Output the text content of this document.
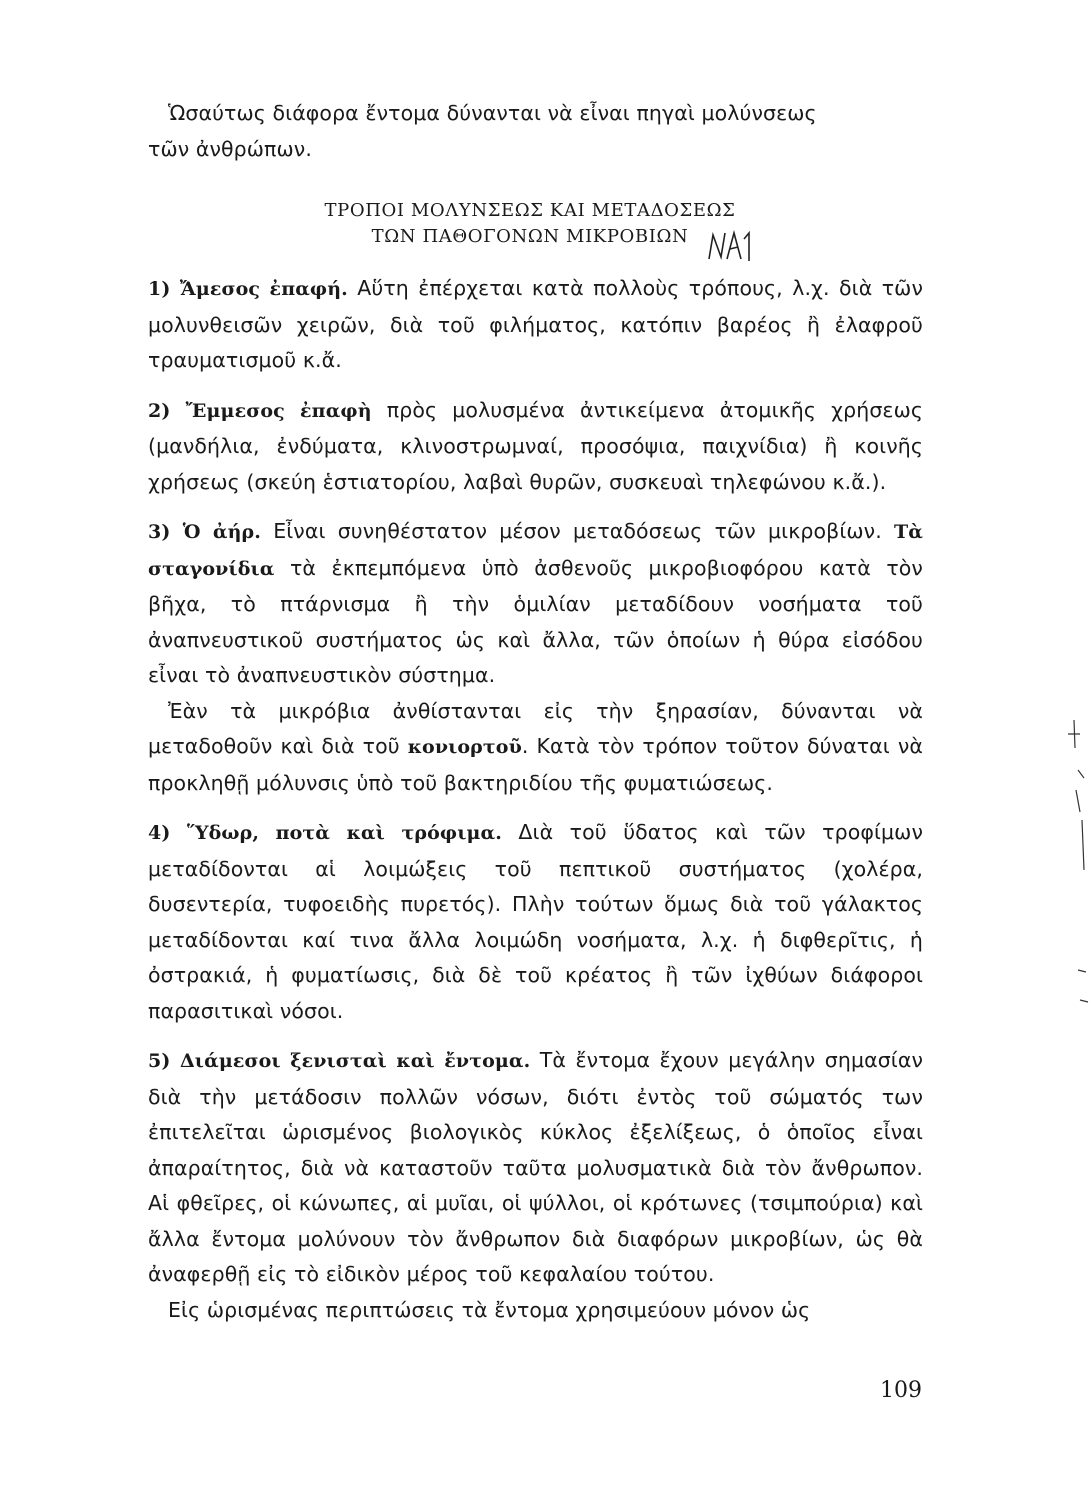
Ὡσαύτως διάφορα ἔντομα δύνανται νὰ εἶναι πηγαὶ μολύνσεως

τῶν ἀνθρώπων.

ΤΡΟΠΟΙ ΜΟΛΥΝΣΕΩΣ ΚΑΙ ΜΕΤΑΔΟΣΕΩΣ
ΤΩΝ ΠΑΘΟΓΟΝΩΝ ΜΙΚΡΟΒΙΩΝ

1) Ἄμεσος ἐπαφή. Αὕτη ἐπέρχεται κατὰ πολλοὺς τρόπους, λ.χ. διὰ τῶν μολυνθεισῶν χειρῶν, διὰ τοῦ φιλήματος, κατόπιν βαρέος ἢ ἐλαφροῦ τραυματισμοῦ κ.ἄ.

2) Ἔμμεσος ἐπαφὴ πρὸς μολυσμένα ἀντικείμενα ἀτομικῆς χρήσεως (μανδήλια, ἐνδύματα, κλινοστρωμναί, προσόψια, παιχνίδια) ἢ κοινῆς χρήσεως (σκεύη ἑστιατορίου, λαβαὶ θυρῶν, συσκευαὶ τηλεφώνου κ.ἄ.).

3) Ὁ ἀήρ. Εἶναι συνηθέστατον μέσον μεταδόσεως τῶν μικροβίων. Τὰ σταγονίδια τὰ ἐκπεμπόμενα ὑπὸ ἀσθενοῦς μικροβιοφόρου κατὰ τὸν βῆχα, τὸ πτάρνισμα ἢ τὴν ὁμιλίαν μεταδίδουν νοσήματα τοῦ ἀναπνευστικοῦ συστήματος ὡς καὶ ἄλλα, τῶν ὁποίων ἡ θύρα εἰσόδου εἶναι τὸ ἀναπνευστικὸν σύστημα.

Ἐὰν τὰ μικρόβια ἀνθίστανται εἰς τὴν ξηρασίαν, δύνανται νὰ μεταδοθοῦν καὶ διὰ τοῦ κονιορτοῦ. Κατὰ τὸν τρόπον τοῦτον δύναται νὰ προκληθῇ μόλυνσις ὑπὸ τοῦ βακτηριδίου τῆς φυματιώσεως.

4) Ὕδωρ, ποτὰ καὶ τρόφιμα. Διὰ τοῦ ὕδατος καὶ τῶν τροφίμων μεταδίδονται αἱ λοιμώξεις τοῦ πεπτικοῦ συστήματος (χολέρα, δυσεντερία, τυφοειδὴς πυρετός). Πλὴν τούτων ὅμως διὰ τοῦ γάλακτος μεταδίδονται καί τινα ἄλλα λοιμώδη νοσήματα, λ.χ. ἡ διφθερῖτις, ἡ ὀστρακιά, ἡ φυματίωσις, διὰ δὲ τοῦ κρέατος ἢ τῶν ἰχθύων διάφοροι παρασιτικαὶ νόσοι.

5) Διάμεσοι ξενισταὶ καὶ ἔντομα. Τὰ ἔντομα ἔχουν μεγάλην σημασίαν διὰ τὴν μετάδοσιν πολλῶν νόσων, διότι ἐντὸς τοῦ σώματός των ἐπιτελεῖται ὡρισμένος βιολογικὸς κύκλος ἐξελίξεως, ὁ ὁποῖος εἶναι ἀπαραίτητος, διὰ νὰ καταστοῦν ταῦτα μολυσματικὰ διὰ τὸν ἄνθρωπον. Αἱ φθεῖρες, οἱ κώνωπες, αἱ μυῖαι, οἱ ψύλλοι, οἱ κρότωνες (τσιμπούρια) καὶ ἄλλα ἔντομα μολύνουν τὸν ἄνθρωπον διὰ διαφόρων μικροβίων, ὡς θὰ ἀναφερθῇ εἰς τὸ εἰδικὸν μέρος τοῦ κεφαλαίου τούτου.

Εἰς ὡρισμένας περιπτώσεις τὰ ἔντομα χρησιμεύουν μόνον ὡς

109
